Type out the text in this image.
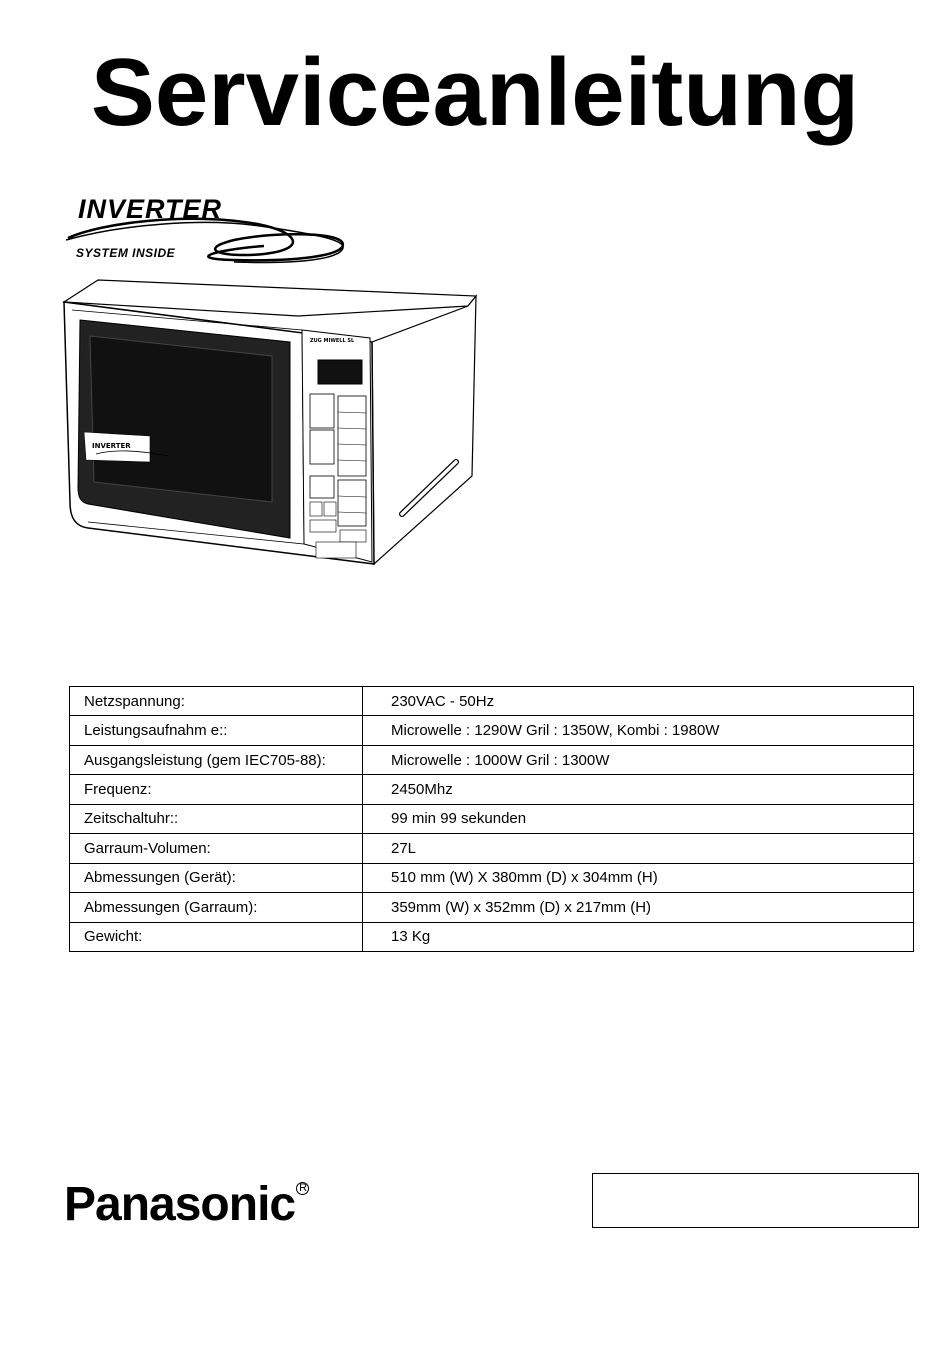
Serviceanleitung
INVERTER
SYSTEM INSIDE
INVERTER
ZUG MIWELL SL
Netzspannung:	230VAC - 50Hz
Leistungsaufnahm e::	Microwelle : 1290W Gril : 1350W, Kombi : 1980W
Ausgangsleistung (gem IEC705-88):	Microwelle : 1000W Gril : 1300W
Frequenz:	2450Mhz
Zeitschaltuhr::	99 min 99 sekunden
Garraum-Volumen:	27L
Abmessungen (Gerät):	510 mm (W) X 380mm (D) x 304mm (H)
Abmessungen (Garraum):	359mm (W) x 352mm (D) x 217mm (H)
Gewicht:	13 Kg
Panasonic $^R$
